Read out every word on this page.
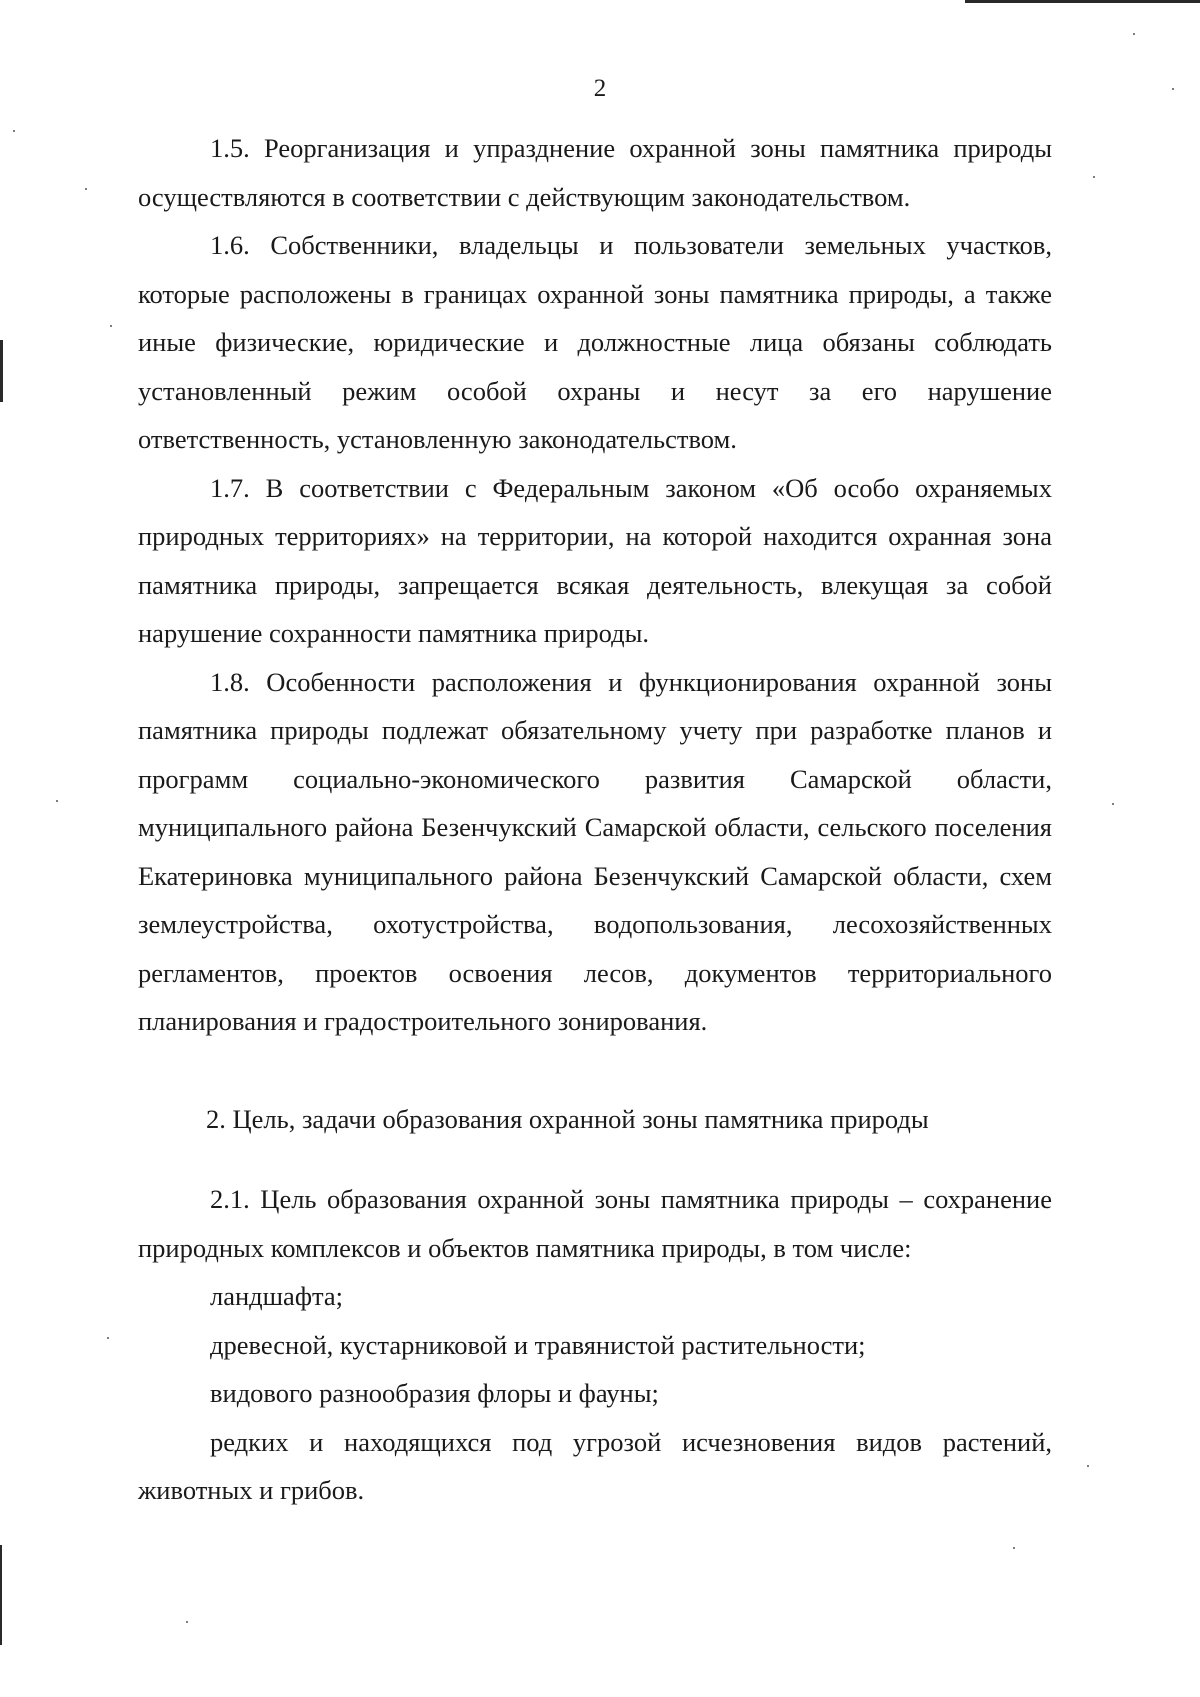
2

1.5. Реорганизация и упразднение охранной зоны памятника природы осуществляются в соответствии с действующим законодательством.

1.6. Собственники, владельцы и пользователи земельных участков, которые расположены в границах охранной зоны памятника природы, а также иные физические, юридические и должностные лица обязаны соблюдать установленный режим особой охраны и несут за его нарушение ответственность, установленную законодательством.

1.7. В соответствии с Федеральным законом «Об особо охраняемых природных территориях» на территории, на которой находится охранная зона памятника природы, запрещается всякая деятельность, влекущая за собой нарушение сохранности памятника природы.

1.8. Особенности расположения и функционирования охранной зоны памятника природы подлежат обязательному учету при разработке планов и программ социально-экономического развития Самарской области, муниципального района Безенчукский Самарской области, сельского поселения Екатериновка муниципального района Безенчукский Самарской области, схем землеустройства, охотустройства, водопользования, лесохозяйственных регламентов, проектов освоения лесов, документов территориального планирования и градостроительного зонирования.

2. Цель, задачи образования охранной зоны памятника природы

2.1. Цель образования охранной зоны памятника природы – сохранение природных комплексов и объектов памятника природы, в том числе:

ландшафта;

древесной, кустарниковой и травянистой растительности;

видового разнообразия флоры и фауны;

редких и находящихся под угрозой исчезновения видов растений, животных и грибов.
